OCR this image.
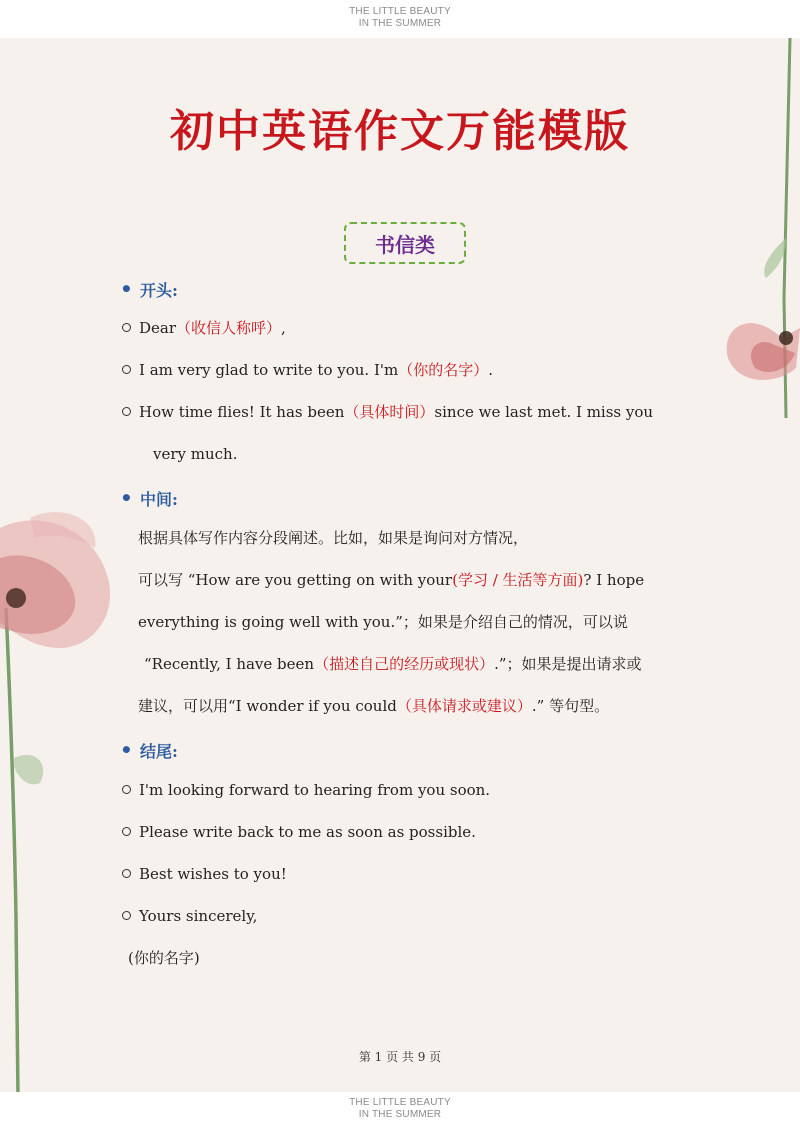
THE LITTLE BEAUTY
IN THE SUMMER
初中英语作文万能模版
书信类
• 开头:
Dear（收信人称呼）,
I am very glad to write to you. I'm（你的名字）.
How time flies! It has been（具体时间）since we last met. I miss you
very much.
• 中间:
根据具体写作内容分段阐述。比如，如果是询问对方情况，
可以写 “How are you getting on with your(学习 / 生活等方面)? I hope
everything is going well with you.”；如果是介绍自己的情况，可以说
“Recently, I have been（描述自己的经历或现状）.”；如果是提出请求或
建议，可以用“I wonder if you could（具体请求或建议）.” 等句型。
• 结尾:
I'm looking forward to hearing from you soon.
Please write back to me as soon as possible.
Best wishes to you!
Yours sincerely,
(你的名字)
第 1 页 共 9 页
THE LITTLE BEAUTY
IN THE SUMMER
